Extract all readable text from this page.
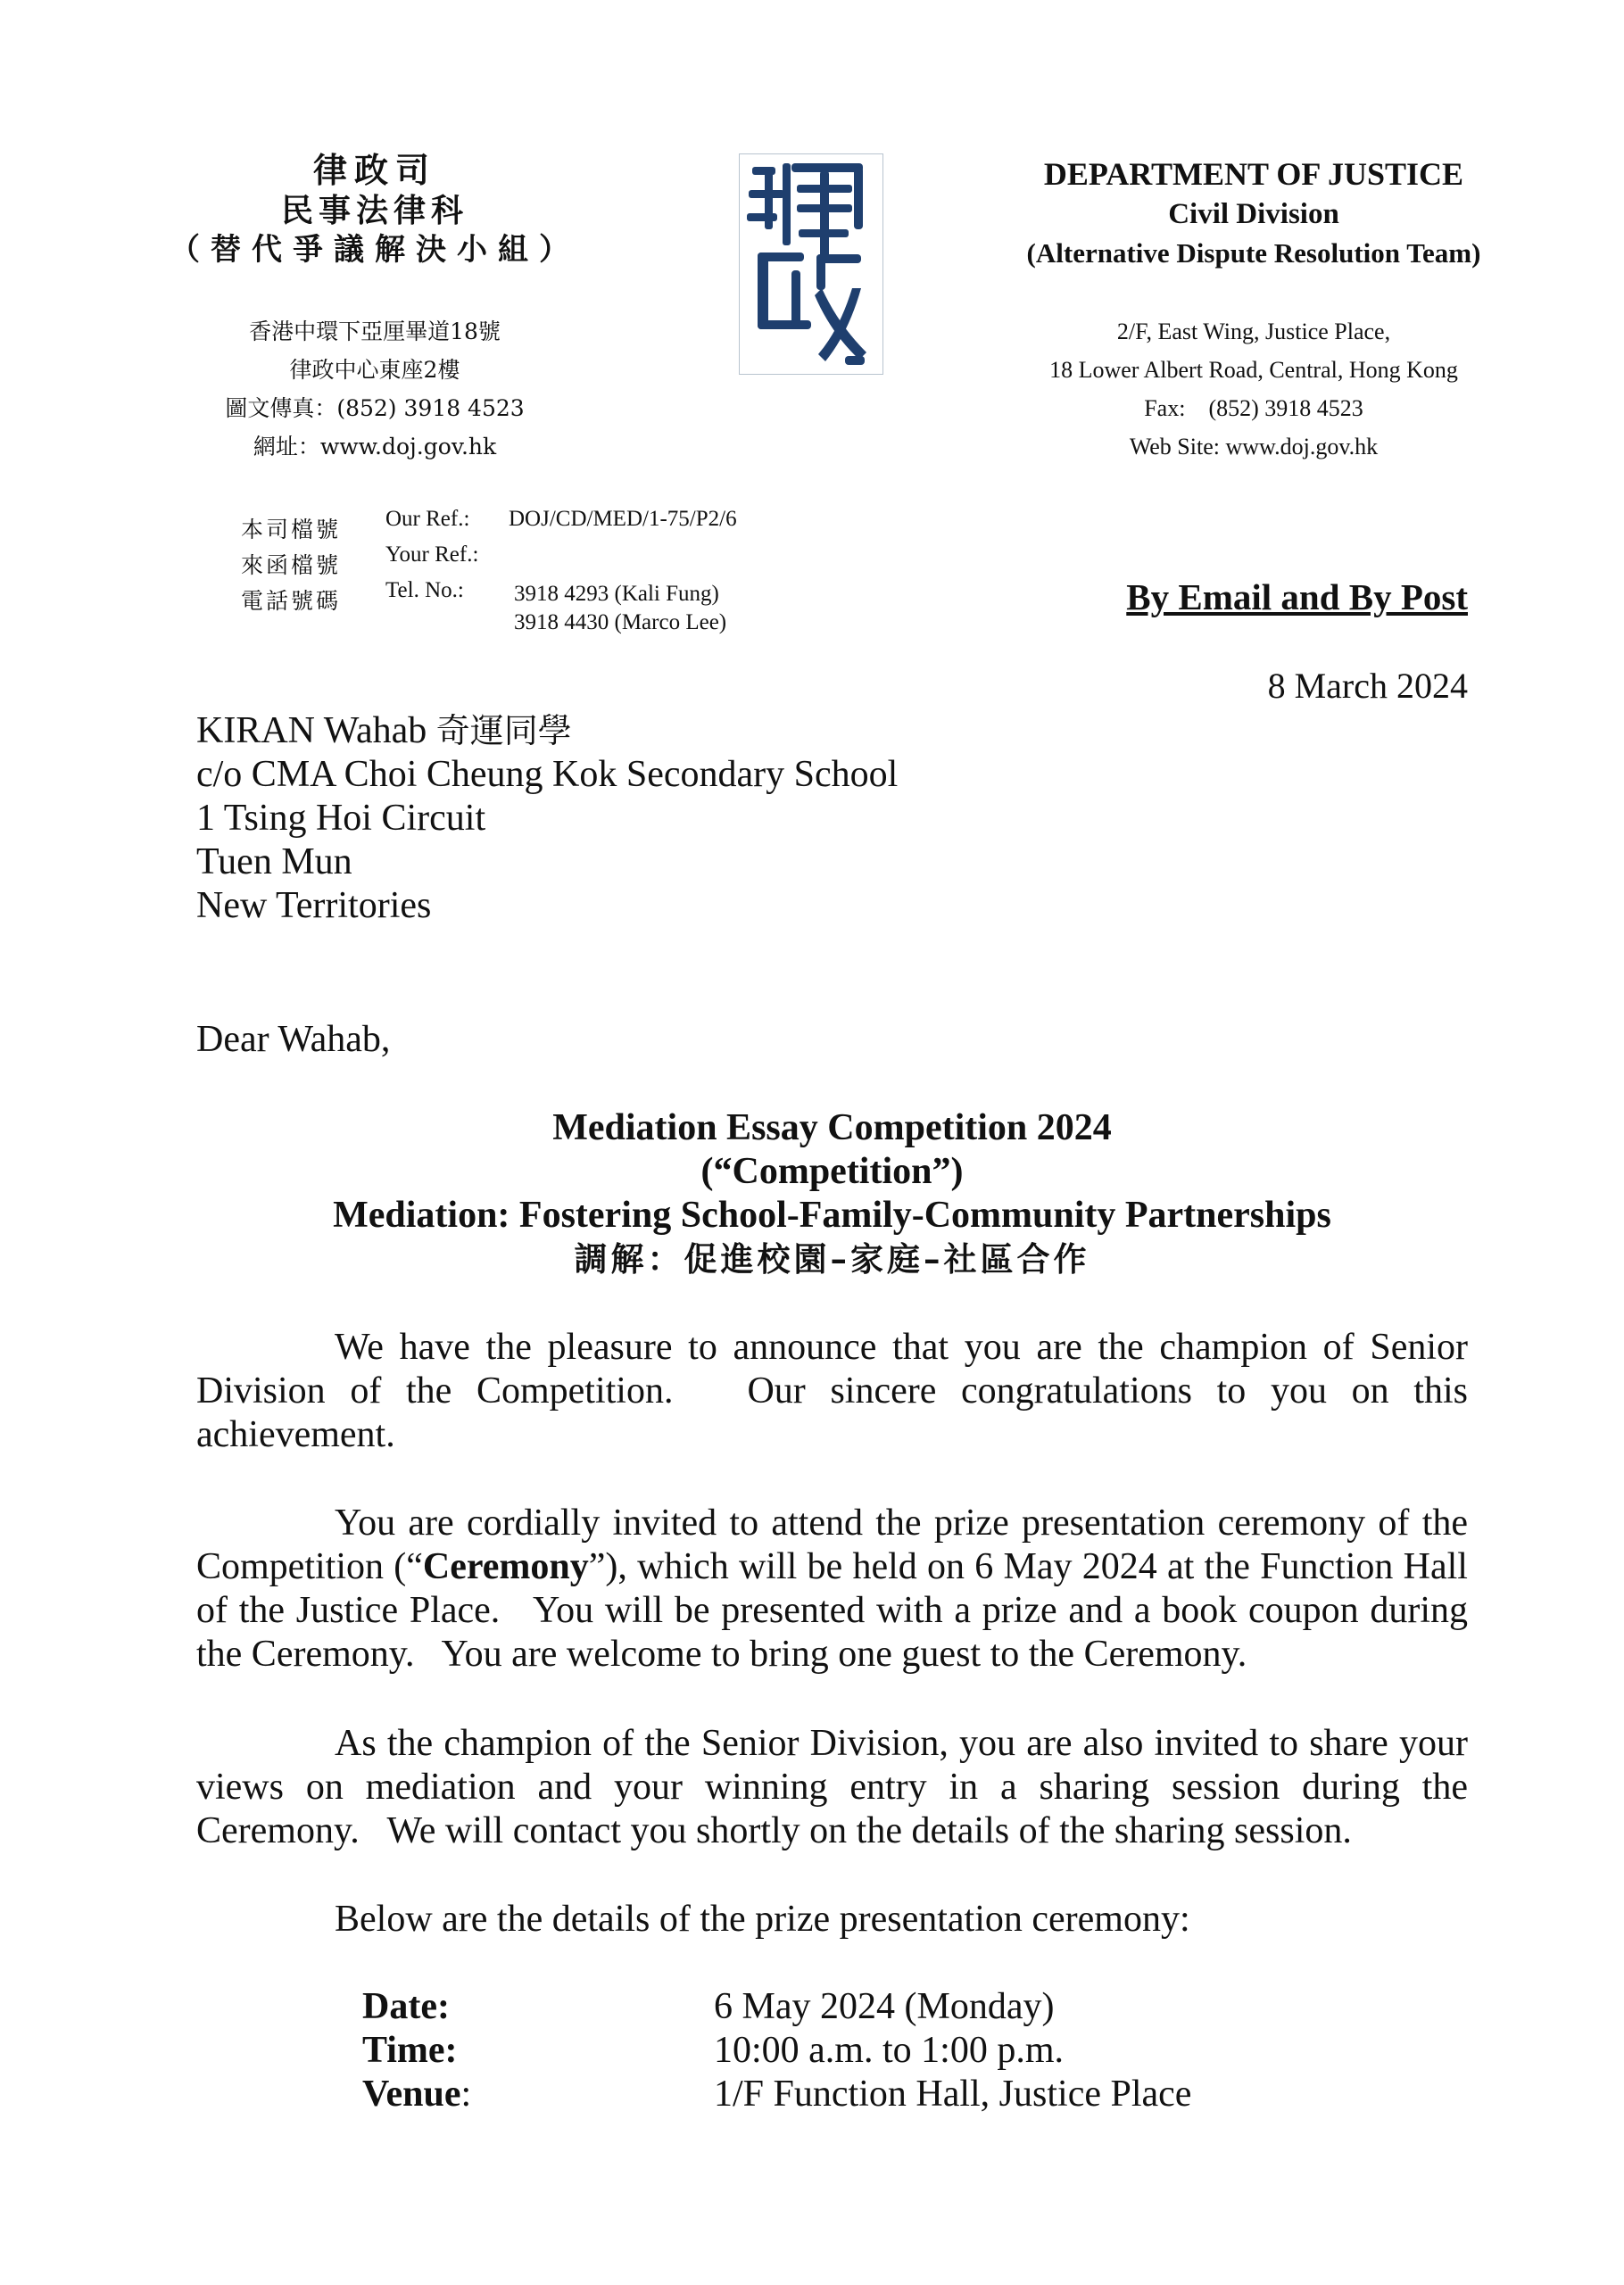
律政司
民事法律科
（替代爭議解決小組）
香港中環下亞厘畢道18號
律政中心東座2樓
圖文傳真：(852) 3918 4523
網址：www.doj.gov.hk
DEPARTMENT OF JUSTICE
Civil Division
(Alternative Dispute Resolution Team)
2/F, East Wing, Justice Place,
18 Lower Albert Road, Central, Hong Kong
Fax:    (852) 3918 4523
Web Site: www.doj.gov.hk
本司檔號	Our Ref.:	DOJ/CD/MED/1-75/P2/6
來函檔號	Your Ref.:
電話號碼	Tel. No.:	3918 4293 (Kali Fung)
3918 4430 (Marco Lee)
By Email and By Post
8 March 2024
KIRAN Wahab 奇運同學
c/o CMA Choi Cheung Kok Secondary School
1 Tsing Hoi Circuit
Tuen Mun
New Territories
Dear Wahab,
Mediation Essay Competition 2024
(“Competition”)
Mediation: Fostering School-Family-Community Partnerships
調解：促進校園–家庭–社區合作
We have the pleasure to announce that you are the champion of Senior Division of the Competition.   Our sincere congratulations to you on this achievement.
You are cordially invited to attend the prize presentation ceremony of the Competition (“Ceremony”), which will be held on 6 May 2024 at the Function Hall of the Justice Place.   You will be presented with a prize and a book coupon during the Ceremony.   You are welcome to bring one guest to the Ceremony.
As the champion of the Senior Division, you are also invited to share your views on mediation and your winning entry in a sharing session during the Ceremony.   We will contact you shortly on the details of the sharing session.
Below are the details of the prize presentation ceremony:
Date:	6 May 2024 (Monday)
Time:	10:00 a.m. to 1:00 p.m.
Venue:	1/F Function Hall, Justice Place
